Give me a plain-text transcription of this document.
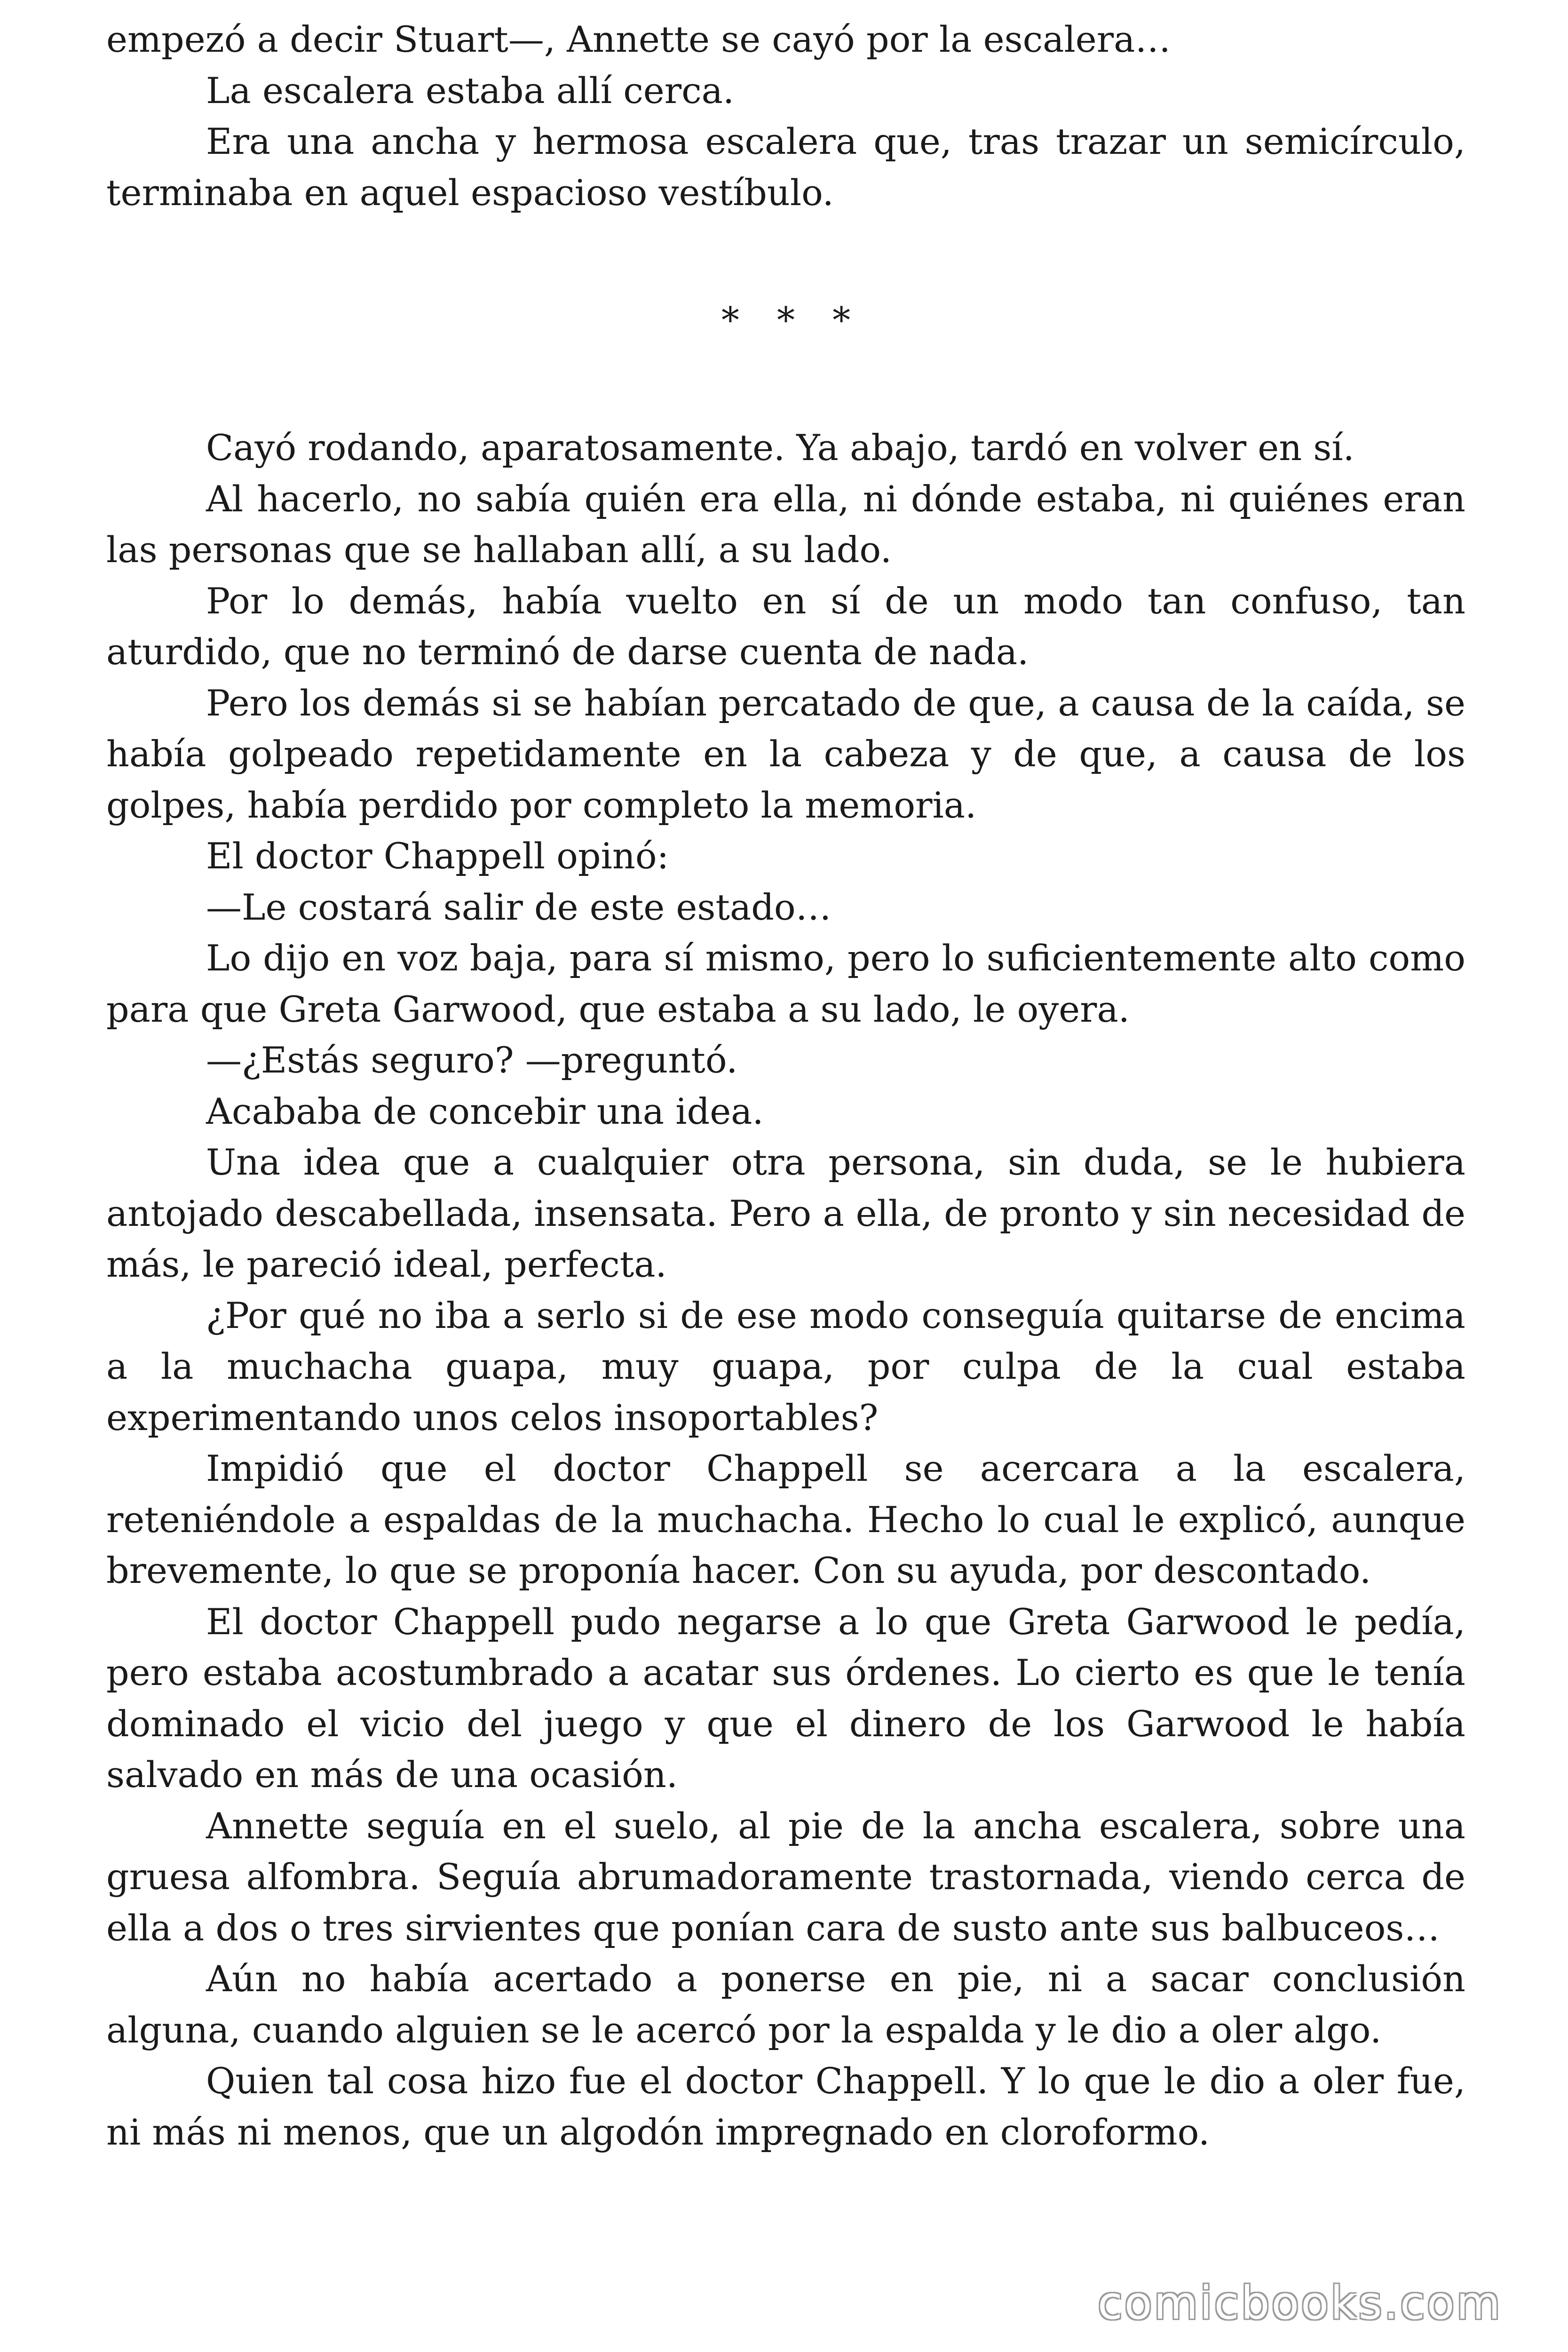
empezó a decir Stuart—, Annette se cayó por la escalera…

La escalera estaba allí cerca.

Era una ancha y hermosa escalera que, tras trazar un semicírculo, terminaba en aquel espacioso vestíbulo.

* * *

Cayó rodando, aparatosamente. Ya abajo, tardó en volver en sí.

Al hacerlo, no sabía quién era ella, ni dónde estaba, ni quiénes eran las personas que se hallaban allí, a su lado.

Por lo demás, había vuelto en sí de un modo tan confuso, tan aturdido, que no terminó de darse cuenta de nada.

Pero los demás si se habían percatado de que, a causa de la caída, se había golpeado repetidamente en la cabeza y de que, a causa de los golpes, había perdido por completo la memoria.

El doctor Chappell opinó:

—Le costará salir de este estado…

Lo dijo en voz baja, para sí mismo, pero lo suficientemente alto como para que Greta Garwood, que estaba a su lado, le oyera.

—¿Estás seguro? —preguntó.

Acababa de concebir una idea.

Una idea que a cualquier otra persona, sin duda, se le hubiera antojado descabellada, insensata. Pero a ella, de pronto y sin necesidad de más, le pareció ideal, perfecta.

¿Por qué no iba a serlo si de ese modo conseguía quitarse de encima a la muchacha guapa, muy guapa, por culpa de la cual estaba experimentando unos celos insoportables?

Impidió que el doctor Chappell se acercara a la escalera, reteniéndole a espaldas de la muchacha. Hecho lo cual le explicó, aunque brevemente, lo que se proponía hacer. Con su ayuda, por descontado.

El doctor Chappell pudo negarse a lo que Greta Garwood le pedía, pero estaba acostumbrado a acatar sus órdenes. Lo cierto es que le tenía dominado el vicio del juego y que el dinero de los Garwood le había salvado en más de una ocasión.

Annette seguía en el suelo, al pie de la ancha escalera, sobre una gruesa alfombra. Seguía abrumadoramente trastornada, viendo cerca de ella a dos o tres sirvientes que ponían cara de susto ante sus balbuceos…

Aún no había acertado a ponerse en pie, ni a sacar conclusión alguna, cuando alguien se le acercó por la espalda y le dio a oler algo.

Quien tal cosa hizo fue el doctor Chappell. Y lo que le dio a oler fue, ni más ni menos, que un algodón impregnado en cloroformo.

comicbooks.com
